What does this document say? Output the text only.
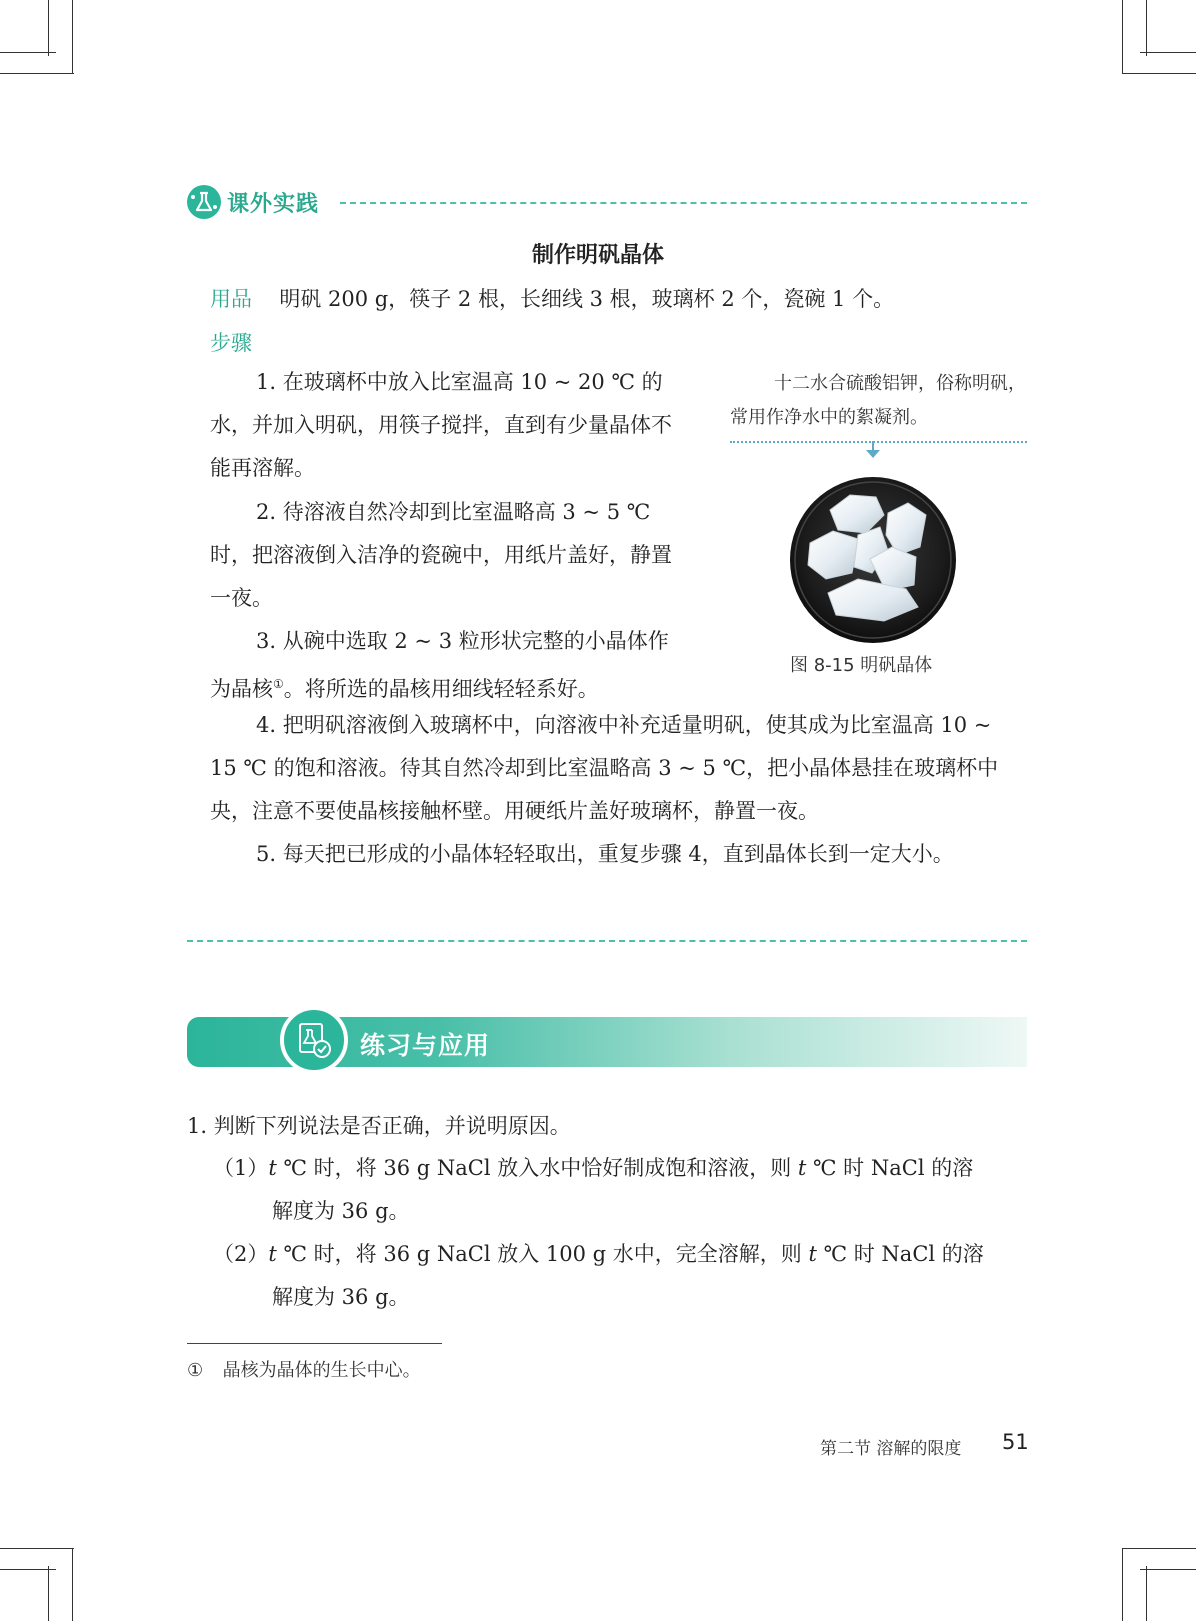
课外实践
制作明矾晶体
用品 明矾 200 g，筷子 2 根，长细线 3 根，玻璃杯 2 个，瓷碗 1 个。
步骤
1. 在玻璃杯中放入比室温高 10 ~ 20 ℃ 的水，并加入明矾，用筷子搅拌，直到有少量晶体不能再溶解。
2. 待溶液自然冷却到比室温略高 3 ~ 5 ℃ 时，把溶液倒入洁净的瓷碗中，用纸片盖好，静置一夜。
3. 从碗中选取 2 ~ 3 粒形状完整的小晶体作为晶核①。将所选的晶核用细线轻轻系好。
十二水合硫酸铝钾，俗称明矾，常用作净水中的絮凝剂。
图 8-15 明矾晶体
4. 把明矾溶液倒入玻璃杯中，向溶液中补充适量明矾，使其成为比室温高 10 ~ 15 ℃ 的饱和溶液。待其自然冷却到比室温略高 3 ~ 5 ℃，把小晶体悬挂在玻璃杯中央，注意不要使晶核接触杯壁。用硬纸片盖好玻璃杯，静置一夜。
5. 每天把已形成的小晶体轻轻取出，重复步骤 4，直到晶体长到一定大小。
练习与应用
1. 判断下列说法是否正确，并说明原因。
（1）t ℃ 时，将 36 g NaCl 放入水中恰好制成饱和溶液，则 t ℃ 时 NaCl 的溶
解度为 36 g。
（2）t ℃ 时，将 36 g NaCl 放入 100 g 水中，完全溶解，则 t ℃ 时 NaCl 的溶
解度为 36 g。
① 晶核为晶体的生长中心。
第二节 溶解的限度 51
